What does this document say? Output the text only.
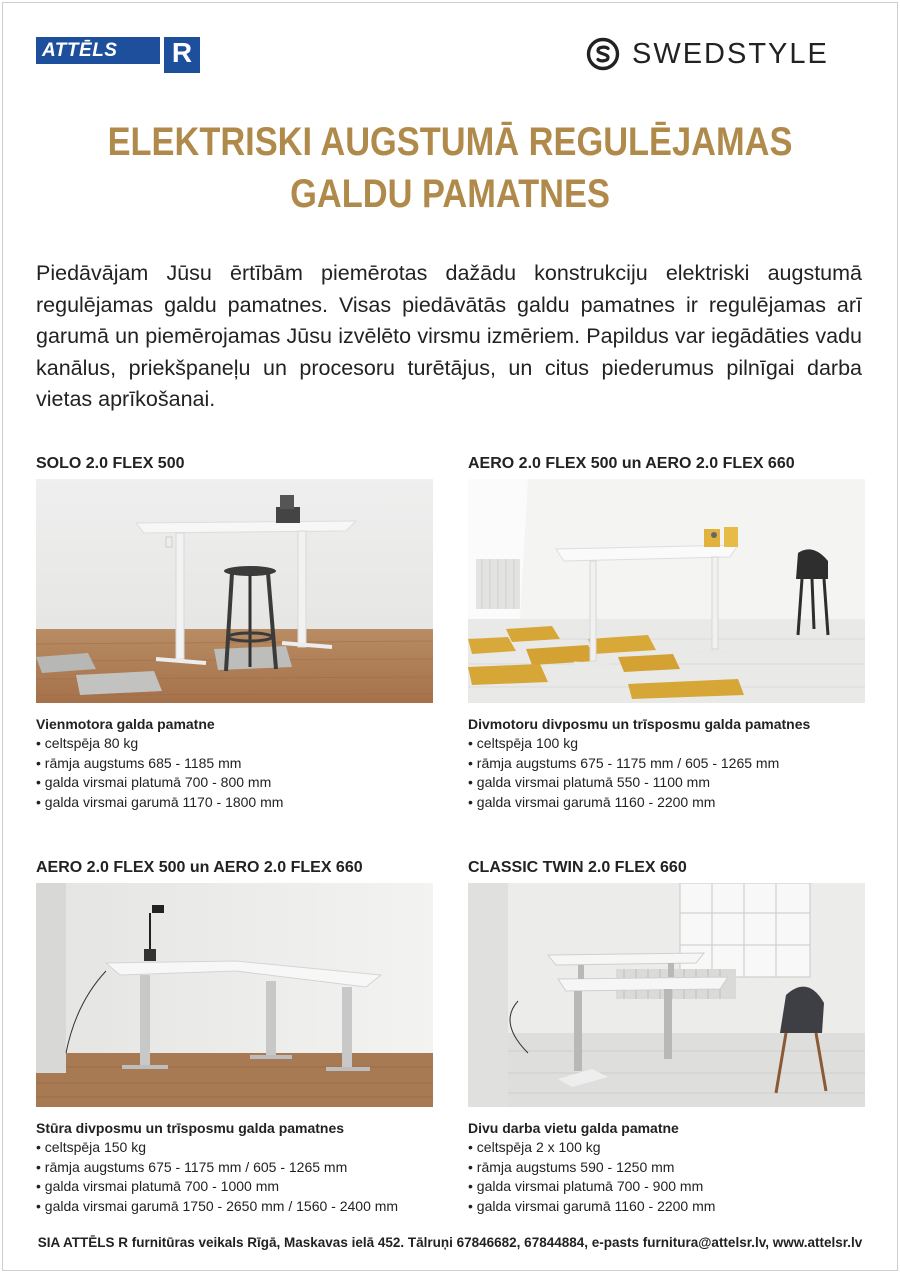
ATTĒLS R	SWEDSTYLE
ELEKTRISKI AUGSTUMĀ REGULĒJAMAS
GALDU PAMATNES

Piedāvājam Jūsu ērtībām piemērotas dažādu konstrukciju elektriski augstumā regulējamas galdu pamatnes. Visas piedāvātās galdu pamatnes ir regulējamas arī garumā un piemērojamas Jūsu izvēlēto virsmu izmēriem. Papildus var iegādāties vadu kanālus, priekšpaneļu un procesoru turētājus, un citus piederumus pilnīgai darba vietas aprīkošanai.

SOLO 2.0 FLEX 500
Vienmotora galda pamatne
• celtspēja 80 kg
• rāmja augstums 685 - 1185 mm
• galda virsmai platumā 700 - 800 mm
• galda virsmai garumā 1170 - 1800 mm
AERO 2.0 FLEX 500 un AERO 2.0 FLEX 660
Divmotoru divposmu un trīsposmu galda pamatnes
• celtspēja 100 kg
• rāmja augstums 675 - 1175 mm / 605 - 1265 mm
• galda virsmai platumā 550 - 1100 mm
• galda virsmai garumā 1160 - 2200 mm
AERO 2.0 FLEX 500 un AERO 2.0 FLEX 660
Stūra divposmu un trīsposmu galda pamatnes
• celtspēja 150 kg
• rāmja augstums 675 - 1175 mm / 605 - 1265 mm
• galda virsmai platumā 700 - 1000 mm
• galda virsmai garumā 1750 - 2650 mm / 1560 - 2400 mm
CLASSIC TWIN 2.0 FLEX 660
Divu darba vietu galda pamatne
• celtspēja 2 x 100 kg
• rāmja augstums 590 - 1250 mm
• galda virsmai platumā 700 - 900 mm
• galda virsmai garumā 1160 - 2200 mm
SIA ATTĒLS R furnitūras veikals Rīgā, Maskavas ielā 452. Tālruņi 67846682, 67844884, e-pasts furnitura@attelsr.lv, www.attelsr.lv
